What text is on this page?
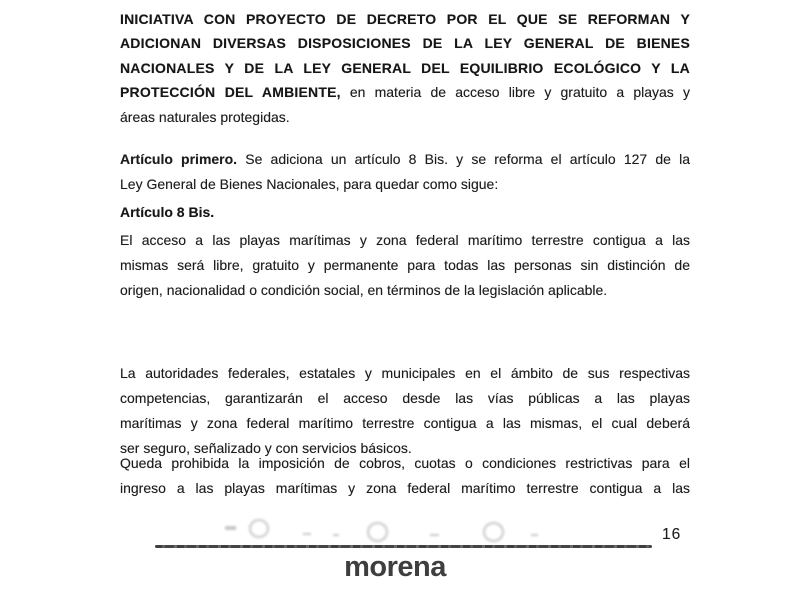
INICIATIVA CON PROYECTO DE DECRETO POR EL QUE SE REFORMAN Y
ADICIONAN DIVERSAS DISPOSICIONES DE LA LEY GENERAL DE BIENES
NACIONALES Y DE LA LEY GENERAL DEL EQUILIBRIO ECOLÓGICO Y LA
PROTECCIÓN DEL AMBIENTE, en materia de acceso libre y gratuito a playas y
áreas naturales protegidas.
Artículo primero. Se adiciona un artículo 8 Bis. y se reforma el artículo 127 de la
Ley General de Bienes Nacionales, para quedar como sigue:
Artículo 8 Bis.
El acceso a las playas marítimas y zona federal marítimo terrestre contigua a las
mismas será libre, gratuito y permanente para todas las personas sin distinción de
origen, nacionalidad o condición social, en términos de la legislación aplicable.
La autoridades federales, estatales y municipales en el ámbito de sus respectivas
competencias, garantizarán el acceso desde las vías públicas a las playas
marítimas y zona federal marítimo terrestre contigua a las mismas, el cual deberá
ser seguro, señalizado y con servicios básicos.
Queda prohibida la imposición de cobros, cuotas o condiciones restrictivas para el
ingreso a las playas marítimas y zona federal marítimo terrestre contigua a las
16
morena
